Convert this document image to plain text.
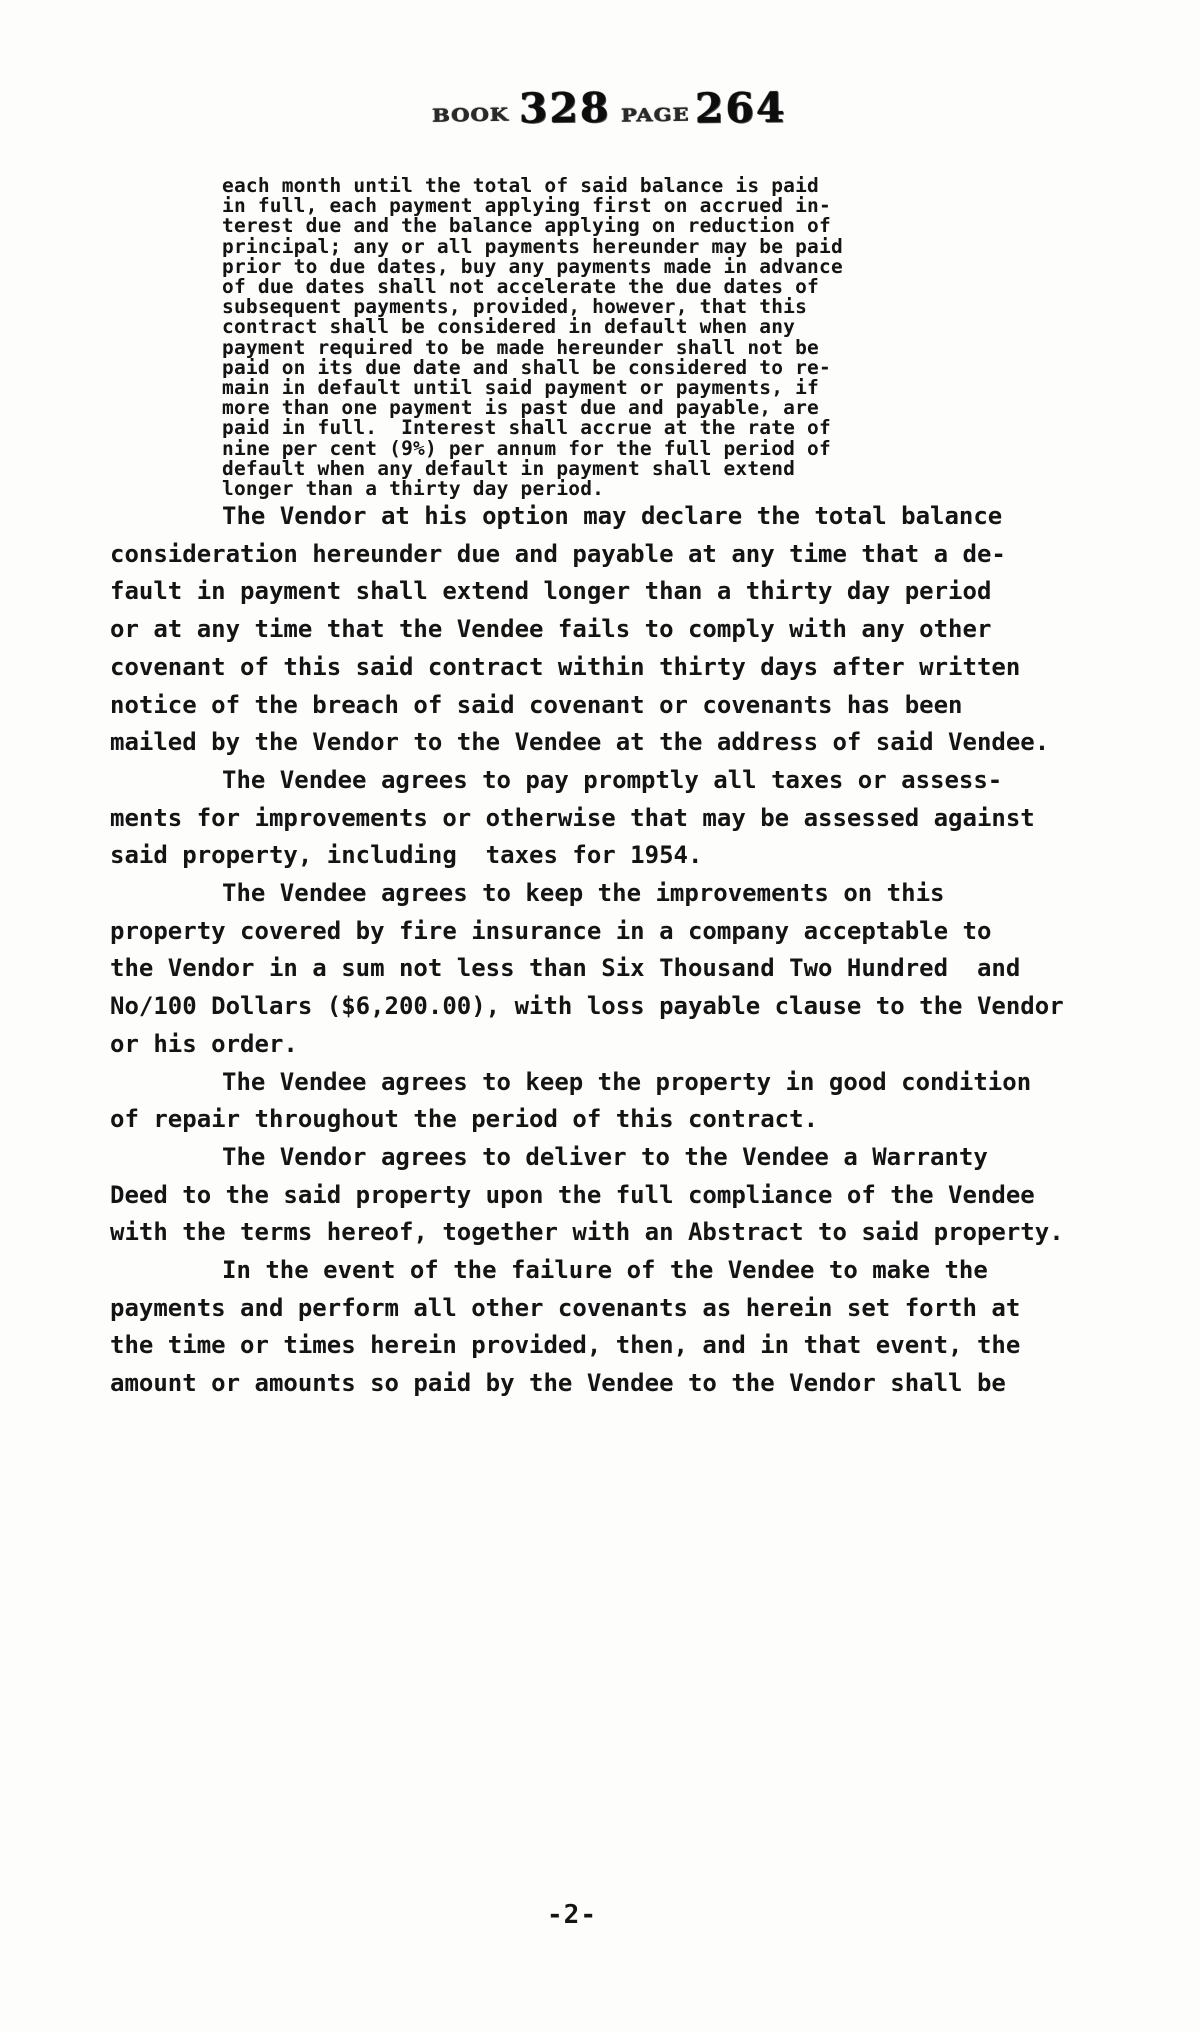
BOOK 328 PAGE 264
each month until the total of said balance is paid
in full, each payment applying first on accrued in-
terest due and the balance applying on reduction of
principal; any or all payments hereunder may be paid
prior to due dates, buy any payments made in advance
of due dates shall not accelerate the due dates of
subsequent payments, provided, however, that this
contract shall be considered in default when any
payment required to be made hereunder shall not be
paid on its due date and shall be considered to re-
main in default until said payment or payments, if
more than one payment is past due and payable, are
paid in full.  Interest shall accrue at the rate of
nine per cent (9%) per annum for the full period of
default when any default in payment shall extend
longer than a thirty day period.
The Vendor at his option may declare the total balance
consideration hereunder due and payable at any time that a de-
fault in payment shall extend longer than a thirty day period
or at any time that the Vendee fails to comply with any other
covenant of this said contract within thirty days after written
notice of the breach of said covenant or covenants has been
mailed by the Vendor to the Vendee at the address of said Vendee.
The Vendee agrees to pay promptly all taxes or assess-
ments for improvements or otherwise that may be assessed against
said property, including  taxes for 1954.
The Vendee agrees to keep the improvements on this
property covered by fire insurance in a company acceptable to
the Vendor in a sum not less than Six Thousand Two Hundred  and
No/100 Dollars ($6,200.00), with loss payable clause to the Vendor
or his order.
The Vendee agrees to keep the property in good condition
of repair throughout the period of this contract.
The Vendor agrees to deliver to the Vendee a Warranty
Deed to the said property upon the full compliance of the Vendee
with the terms hereof, together with an Abstract to said property.
In the event of the failure of the Vendee to make the
payments and perform all other covenants as herein set forth at
the time or times herein provided, then, and in that event, the
amount or amounts so paid by the Vendee to the Vendor shall be
-2-
